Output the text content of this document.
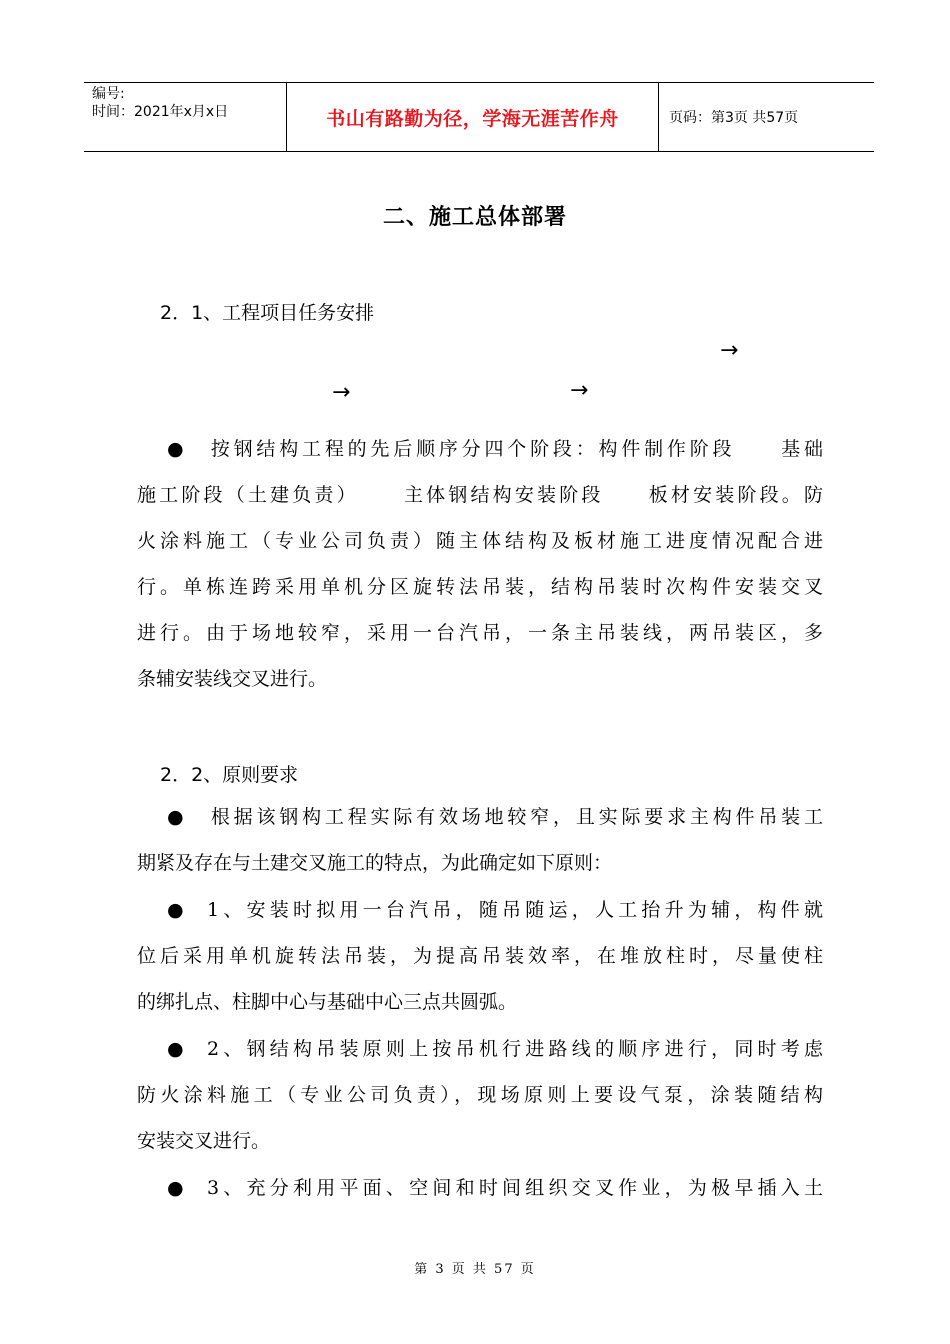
编号:
时间：2021年x月x日	书山有路勤为径，学海无涯苦作舟	页码：第3页 共57页
二、施工总体部署
2．1、工程项目任务安排
→
→	→
● 按钢结构工程的先后顺序分四个阶段：构件制作阶段 基础
施工阶段（土建负责） 主体钢结构安装阶段 板材安装阶段。防
火涂料施工（专业公司负责）随主体结构及板材施工进度情况配合进
行。单栋连跨采用单机分区旋转法吊装，结构吊装时次构件安装交叉
进行。由于场地较窄，采用一台汽吊，一条主吊装线，两吊装区，多
条辅安装线交叉进行。
2．2、原则要求
● 根据该钢构工程实际有效场地较窄，且实际要求主构件吊装工
期紧及存在与土建交叉施工的特点，为此确定如下原则：
● 1、安装时拟用一台汽吊，随吊随运，人工抬升为辅，构件就
位后采用单机旋转法吊装，为提高吊装效率，在堆放柱时，尽量使柱
的绑扎点、柱脚中心与基础中心三点共圆弧。
● 2、钢结构吊装原则上按吊机行进路线的顺序进行，同时考虑
防火涂料施工（专业公司负责），现场原则上要设气泵，涂装随结构
安装交叉进行。
● 3、充分利用平面、空间和时间组织交叉作业，为极早插入土
第 3 页 共 57 页
